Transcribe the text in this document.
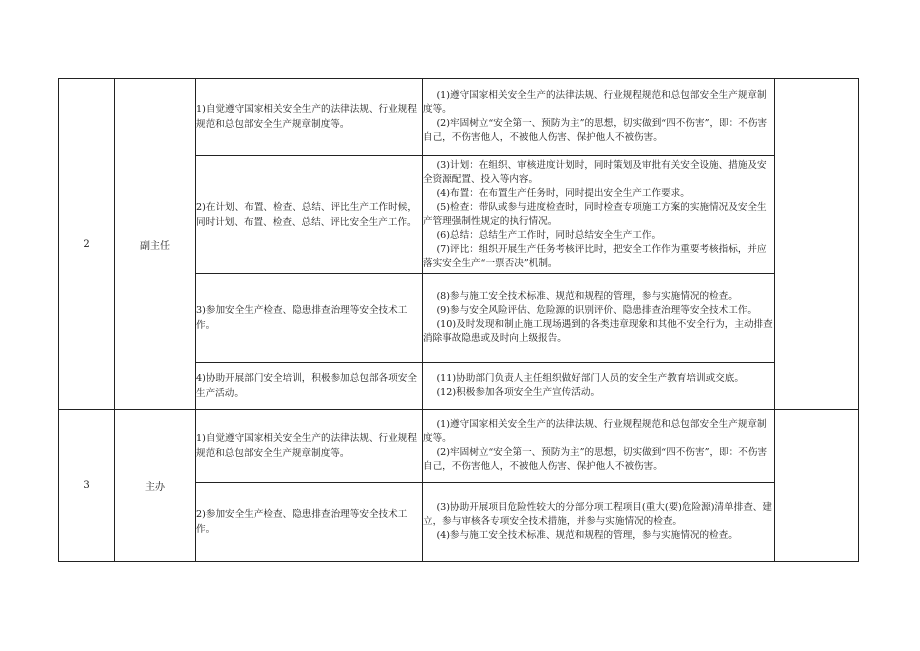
2	副主任	1)自觉遵守国家相关安全生产的法律法规、行业规程规范和总包部安全生产规章制度等。	(1)遵守国家相关安全生产的法律法规、行业规程规范和总包部安全生产规章制度等。

(2)牢固树立“安全第一、预防为主”的思想，切实做到“四不伤害”，即：不伤害自己，不伤害他人，不被他人伤害、保护他人不被伤害。	

		2)在计划、布置、检查、总结、评比生产工作时候，同时计划、布置、检查、总结、评比安全生产工作。	(3)计划：在组织、审核进度计划时，同时策划及审批有关安全设施、措施及安全资源配置、投入等内容。

(4)布置：在布置生产任务时，同时提出安全生产工作要求。

(5)检查：带队或参与进度检查时，同时检查专项施工方案的实施情况及安全生产管理强制性规定的执行情况。

(6)总结：总结生产工作时，同时总结安全生产工作。

(7)评比：组织开展生产任务考核评比时，把安全工作作为重要考核指标，并应落实安全生产“一票否决”机制。	

		3)参加安全生产检查、隐患排查治理等安全技术工作。	(8)参与施工安全技术标准、规范和规程的管理，参与实施情况的检查。

(9)参与安全风险评估、危险源的识别评价、隐患排查治理等安全技术工作。

(10)及时发现和制止施工现场遇到的各类违章现象和其他不安全行为，主动排查消除事故隐患或及时向上级报告。	

		4)协助开展部门安全培训，积极参加总包部各项安全生产活动。	(11)协助部门负责人主任组织做好部门人员的安全生产教育培训或交底。

(12)积极参加各项安全生产宣传活动。	

3	主办	1)自觉遵守国家相关安全生产的法律法规、行业规程规范和总包部安全生产规章制度等。	(1)遵守国家相关安全生产的法律法规、行业规程规范和总包部安全生产规章制度等。

(2)牢固树立“安全第一、预防为主”的思想，切实做到“四不伤害”，即：不伤害自己，不伤害他人，不被他人伤害、保护他人不被伤害。	

		2)参加安全生产检查、隐患排查治理等安全技术工作。	(3)协助开展项目危险性较大的分部分项工程项目(重大(要)危险源)清单排查、建立，参与审核各专项安全技术措施，并参与实施情况的检查。

(4)参与施工安全技术标准、规范和规程的管理，参与实施情况的检查。	
